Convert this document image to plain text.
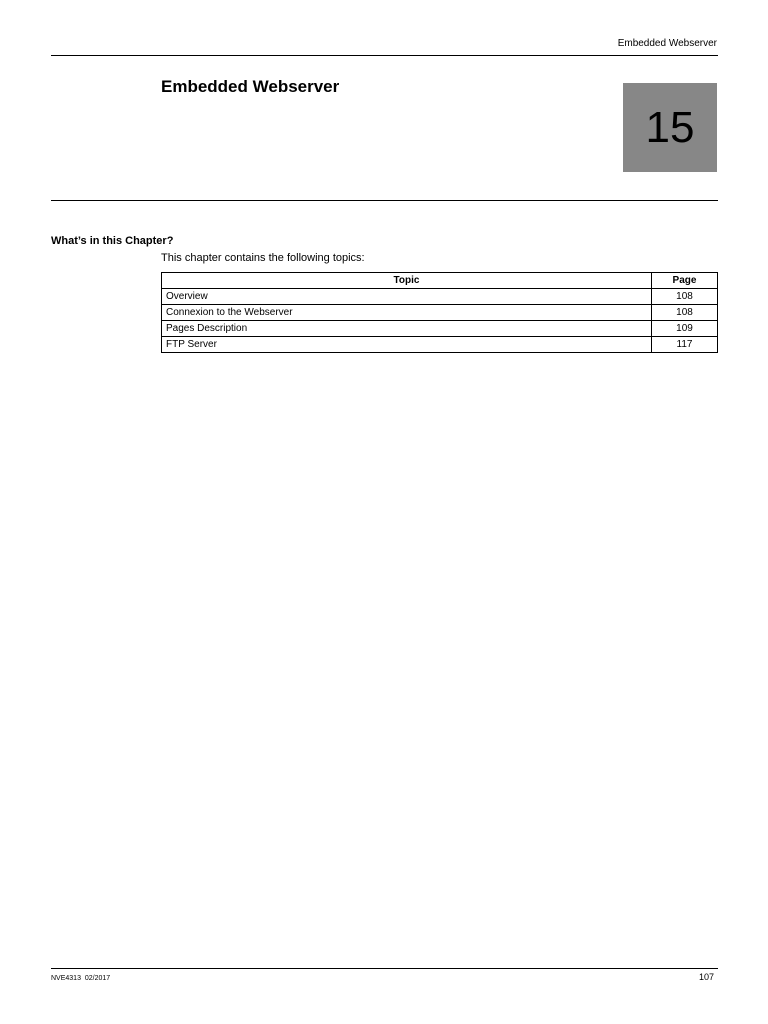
Embedded Webserver
Embedded Webserver
15
What’s in this Chapter?
This chapter contains the following topics:
Topic	Page
Overview	108
Connexion to the Webserver	108
Pages Description	109
FTP Server	117
NVE4313  02/2017	107
